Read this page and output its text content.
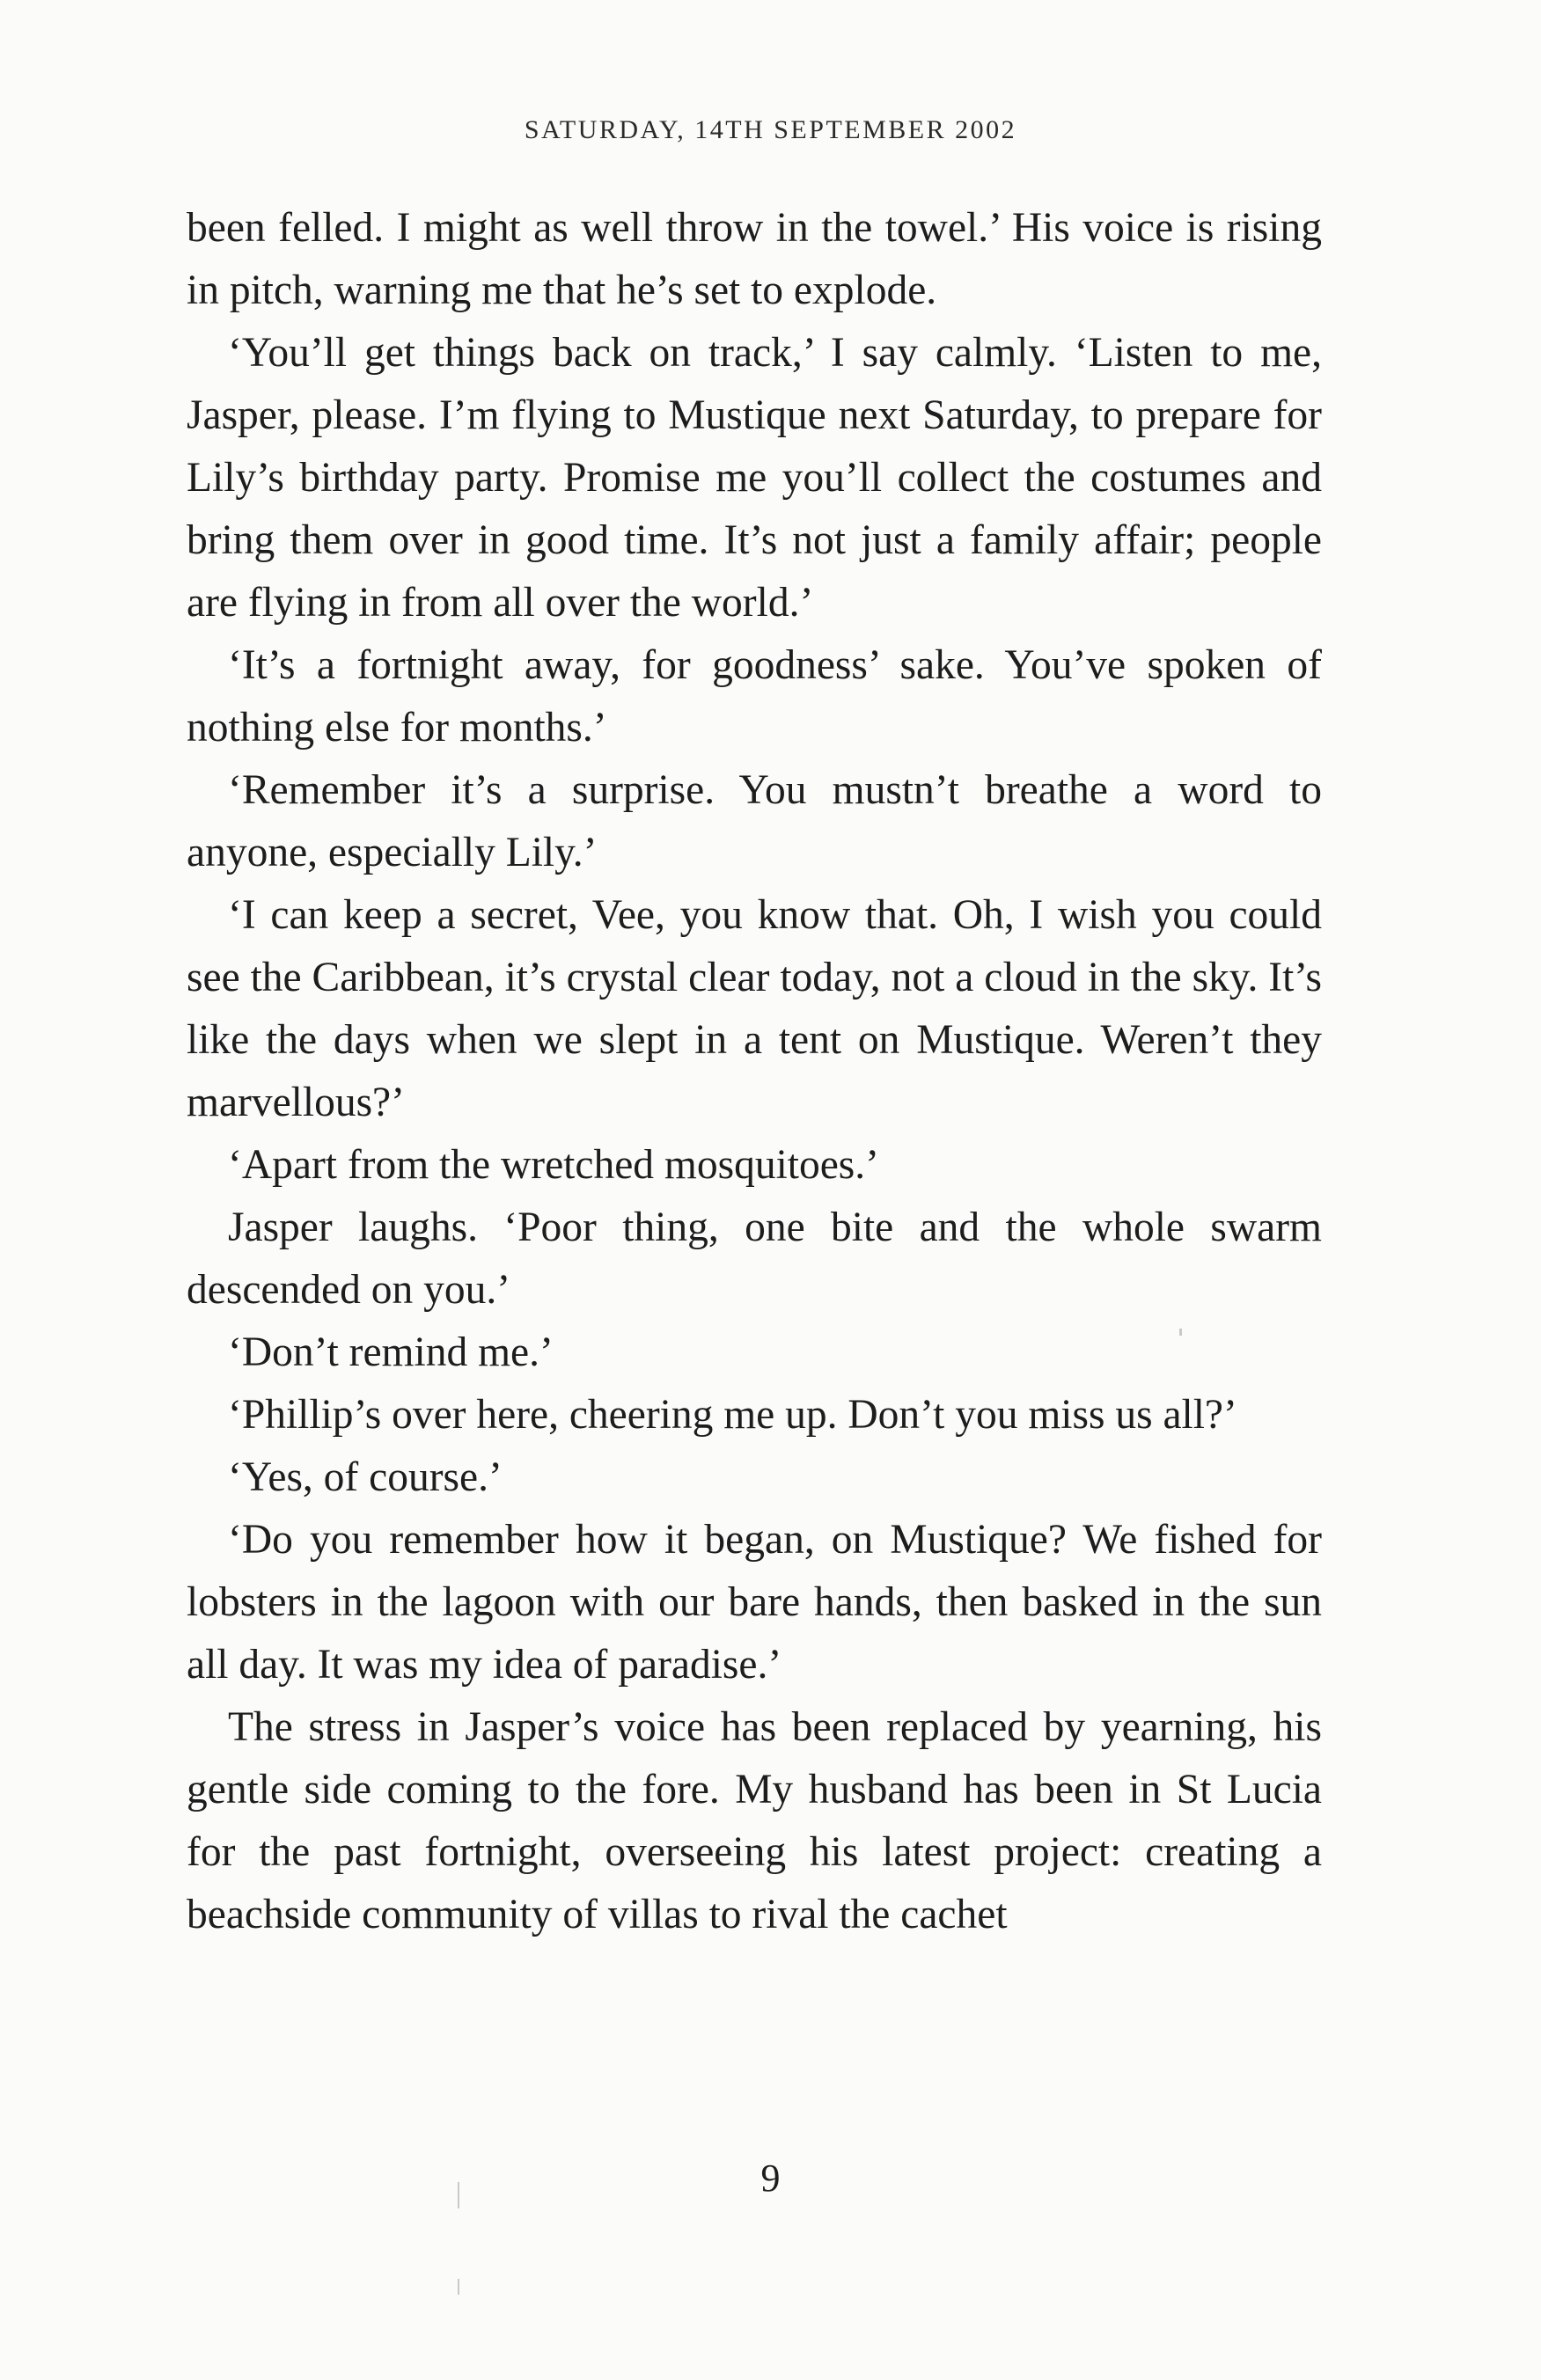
SATURDAY, 14TH SEPTEMBER 2002

been felled. I might as well throw in the towel.’ His voice is rising in pitch, warning me that he’s set to explode.

‘You’ll get things back on track,’ I say calmly. ‘Listen to me, Jasper, please. I’m flying to Mustique next Saturday, to prepare for Lily’s birthday party. Promise me you’ll collect the costumes and bring them over in good time. It’s not just a family affair; people are flying in from all over the world.’

‘It’s a fortnight away, for goodness’ sake. You’ve spoken of nothing else for months.’

‘Remember it’s a surprise. You mustn’t breathe a word to anyone, especially Lily.’

‘I can keep a secret, Vee, you know that. Oh, I wish you could see the Caribbean, it’s crystal clear today, not a cloud in the sky. It’s like the days when we slept in a tent on Mustique. Weren’t they marvellous?’

‘Apart from the wretched mosquitoes.’

Jasper laughs. ‘Poor thing, one bite and the whole swarm descended on you.’

‘Don’t remind me.’

‘Phillip’s over here, cheering me up. Don’t you miss us all?’

‘Yes, of course.’

‘Do you remember how it began, on Mustique? We fished for lobsters in the lagoon with our bare hands, then basked in the sun all day. It was my idea of paradise.’

The stress in Jasper’s voice has been replaced by yearning, his gentle side coming to the fore. My husband has been in St Lucia for the past fortnight, overseeing his latest project: creating a beachside community of villas to rival the cachet

9
